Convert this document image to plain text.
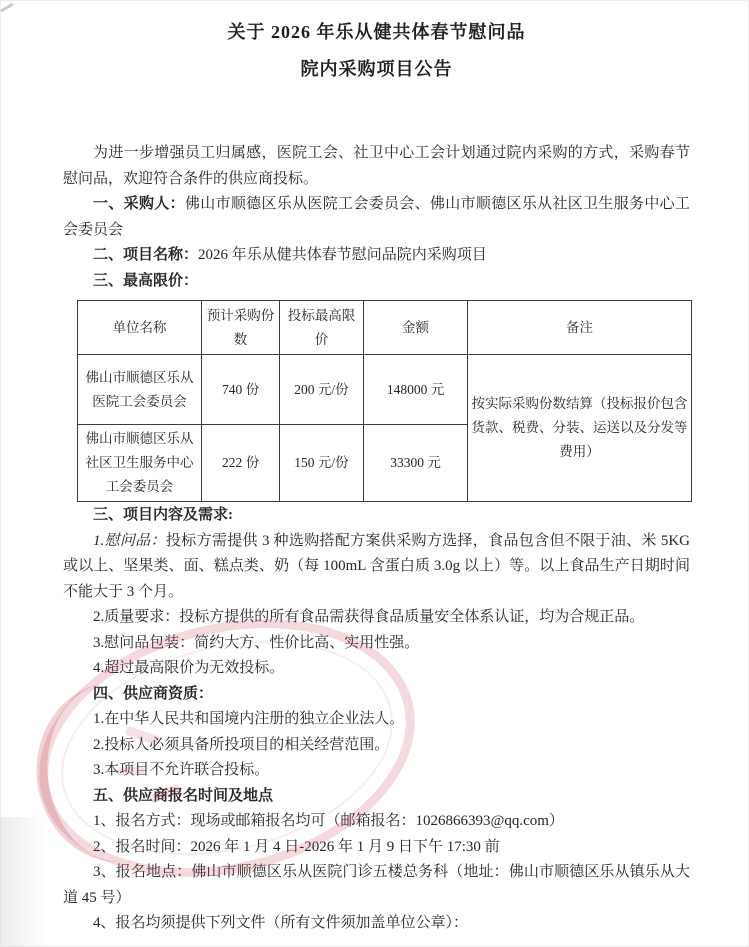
关于 2026 年乐从健共体春节慰问品
院内采购项目公告

为进一步增强员工归属感，医院工会、社卫中心工会计划通过院内采购的方式，采购春节慰问品，欢迎符合条件的供应商投标。

一、采购人：佛山市顺德区乐从医院工会委员会、佛山市顺德区乐从社区卫生服务中心工会委员会

二、项目名称：2026 年乐从健共体春节慰问品院内采购项目

三、最高限价：

单位名称	预计采购份数	投标最高限价	金额	备注
佛山市顺德区乐从医院工会委员会	740 份	200 元/份	148000 元	按实际采购份数结算（投标报价包含货款、税费、分装、运送以及分发等费用）
佛山市顺德区乐从社区卫生服务中心工会委员会	222 份	150 元/份	33300 元	

三、项目内容及需求:

1.慰问品：投标方需提供 3 种选购搭配方案供采购方选择，食品包含但不限于油、米 5KG 或以上、坚果类、面、糕点类、奶（每 100mL 含蛋白质 3.0g 以上）等。以上食品生产日期时间不能大于 3 个月。

2.质量要求：投标方提供的所有食品需获得食品质量安全体系认证，均为合规正品。

3.慰问品包装：简约大方、性价比高、实用性强。

4.超过最高限价为无效投标。

四、供应商资质：

1.在中华人民共和国境内注册的独立企业法人。

2.投标人必须具备所投项目的相关经营范围。

3.本项目不允许联合投标。

五、供应商报名时间及地点

1、报名方式：现场或邮箱报名均可（邮箱报名：1026866393@qq.com）

2、报名时间：2026 年 1 月 4 日-2026 年 1 月 9 日下午 17:30 前

3、报名地点：佛山市顺德区乐从医院门诊五楼总务科（地址：佛山市顺德区乐从镇乐从大道 45 号）

4、报名均须提供下列文件（所有文件须加盖单位公章）：
